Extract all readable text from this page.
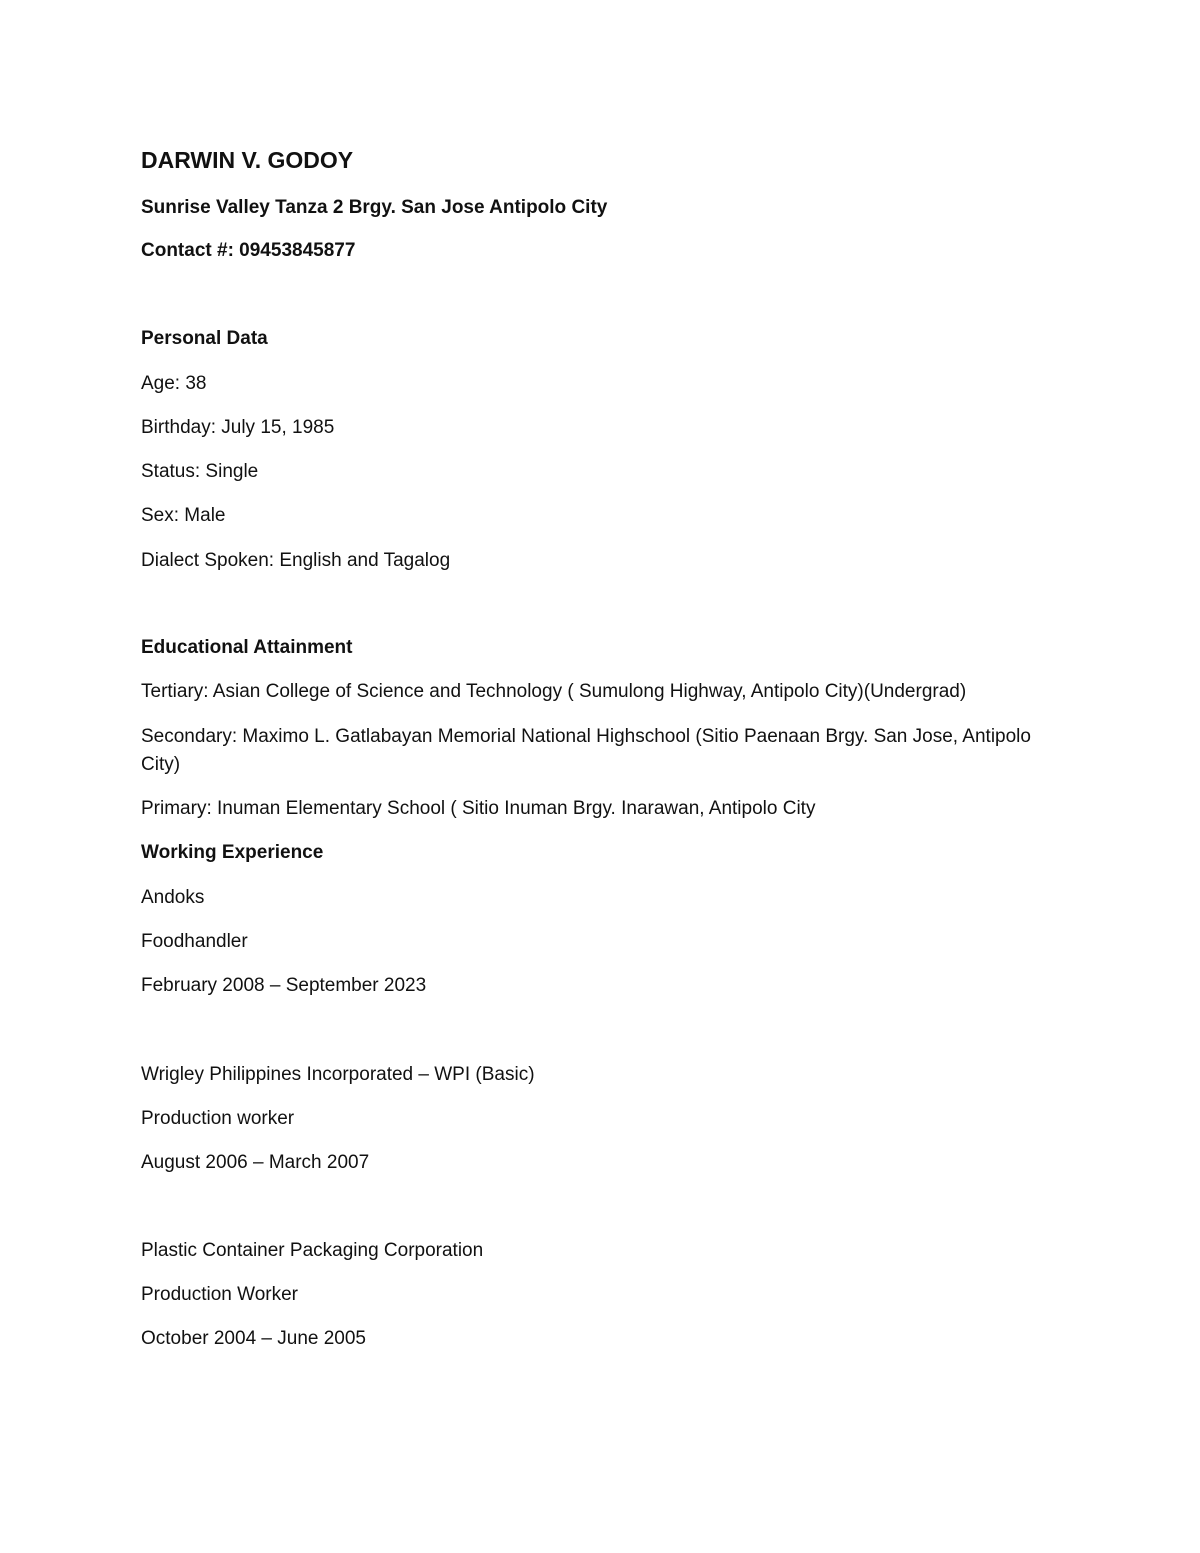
DARWIN V. GODOY

Sunrise Valley Tanza 2 Brgy. San Jose Antipolo City

Contact #: 09453845877

Personal Data

Age: 38

Birthday: July 15, 1985

Status: Single

Sex: Male

Dialect Spoken: English and Tagalog

Educational Attainment

Tertiary: Asian College of Science and Technology ( Sumulong Highway, Antipolo City)(Undergrad)

Secondary: Maximo L. Gatlabayan Memorial National Highschool (Sitio Paenaan Brgy. San Jose, Antipolo City)

Primary: Inuman Elementary School ( Sitio Inuman Brgy. Inarawan, Antipolo City

Working Experience

Andoks

Foodhandler

February 2008 – September 2023

Wrigley Philippines Incorporated – WPI (Basic)

Production worker

August 2006 – March 2007

Plastic Container Packaging Corporation

Production Worker

October 2004 – June 2005
